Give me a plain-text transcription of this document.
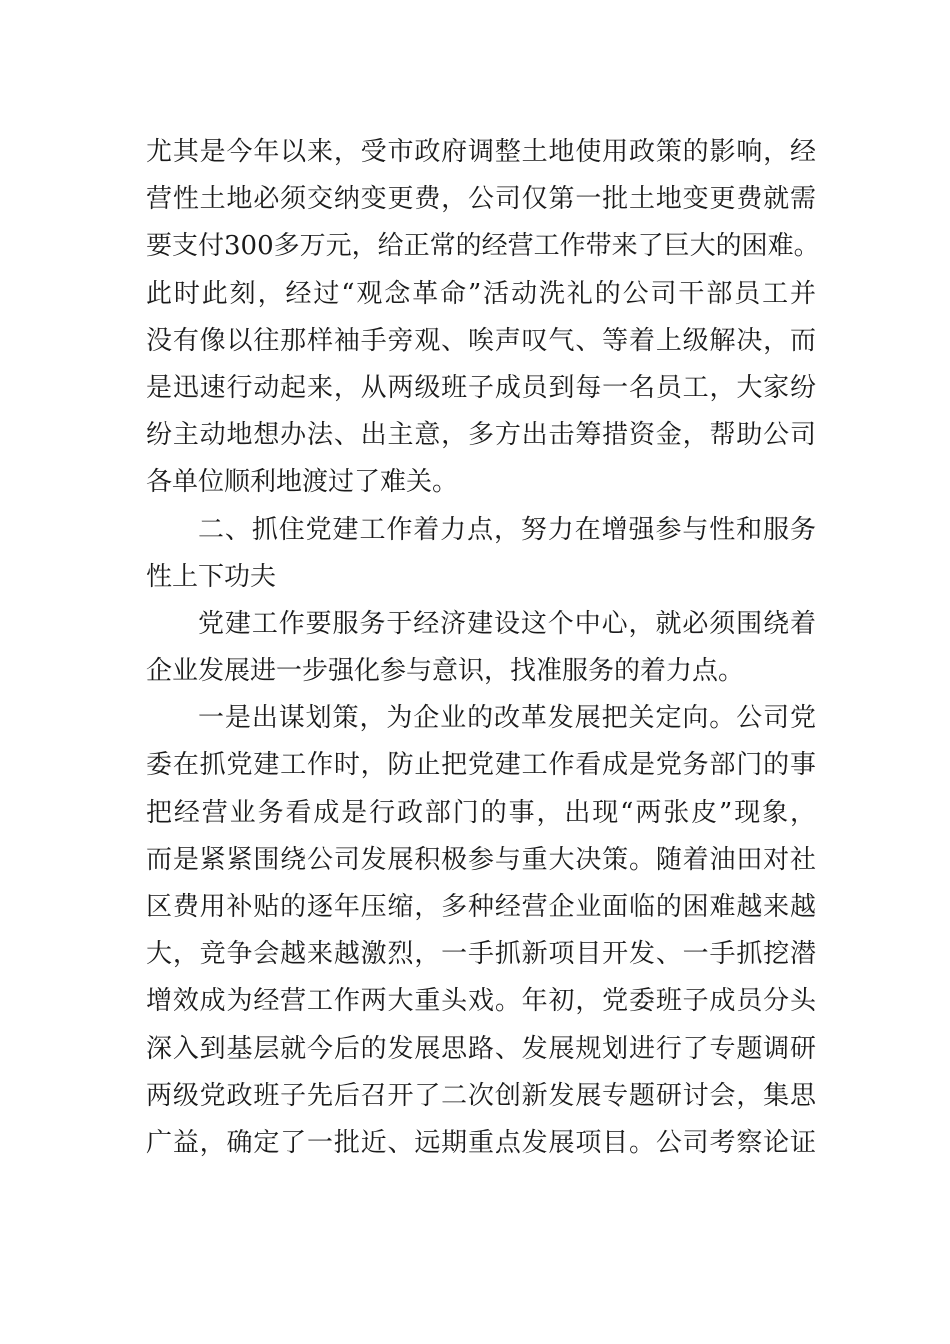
尤其是今年以来，受市政府调整土地使用政策的影响，经
营性土地必须交纳变更费，公司仅第一批土地变更费就需
要支付300多万元，给正常的经营工作带来了巨大的困难。
此时此刻，经过“观念革命”活动洗礼的公司干部员工并
没有像以往那样袖手旁观、唉声叹气、等着上级解决，而
是迅速行动起来，从两级班子成员到每一名员工，大家纷
纷主动地想办法、出主意，多方出击筹措资金，帮助公司
各单位顺利地渡过了难关。
二、抓住党建工作着力点，努力在增强参与性和服务
性上下功夫
党建工作要服务于经济建设这个中心，就必须围绕着
企业发展进一步强化参与意识，找准服务的着力点。
一是出谋划策，为企业的改革发展把关定向。公司党
委在抓党建工作时，防止把党建工作看成是党务部门的事
把经营业务看成是行政部门的事，出现“两张皮”现象，
而是紧紧围绕公司发展积极参与重大决策。随着油田对社
区费用补贴的逐年压缩，多种经营企业面临的困难越来越
大，竞争会越来越激烈，一手抓新项目开发、一手抓挖潜
增效成为经营工作两大重头戏。年初，党委班子成员分头
深入到基层就今后的发展思路、发展规划进行了专题调研
两级党政班子先后召开了二次创新发展专题研讨会，集思
广益，确定了一批近、远期重点发展项目。公司考察论证
